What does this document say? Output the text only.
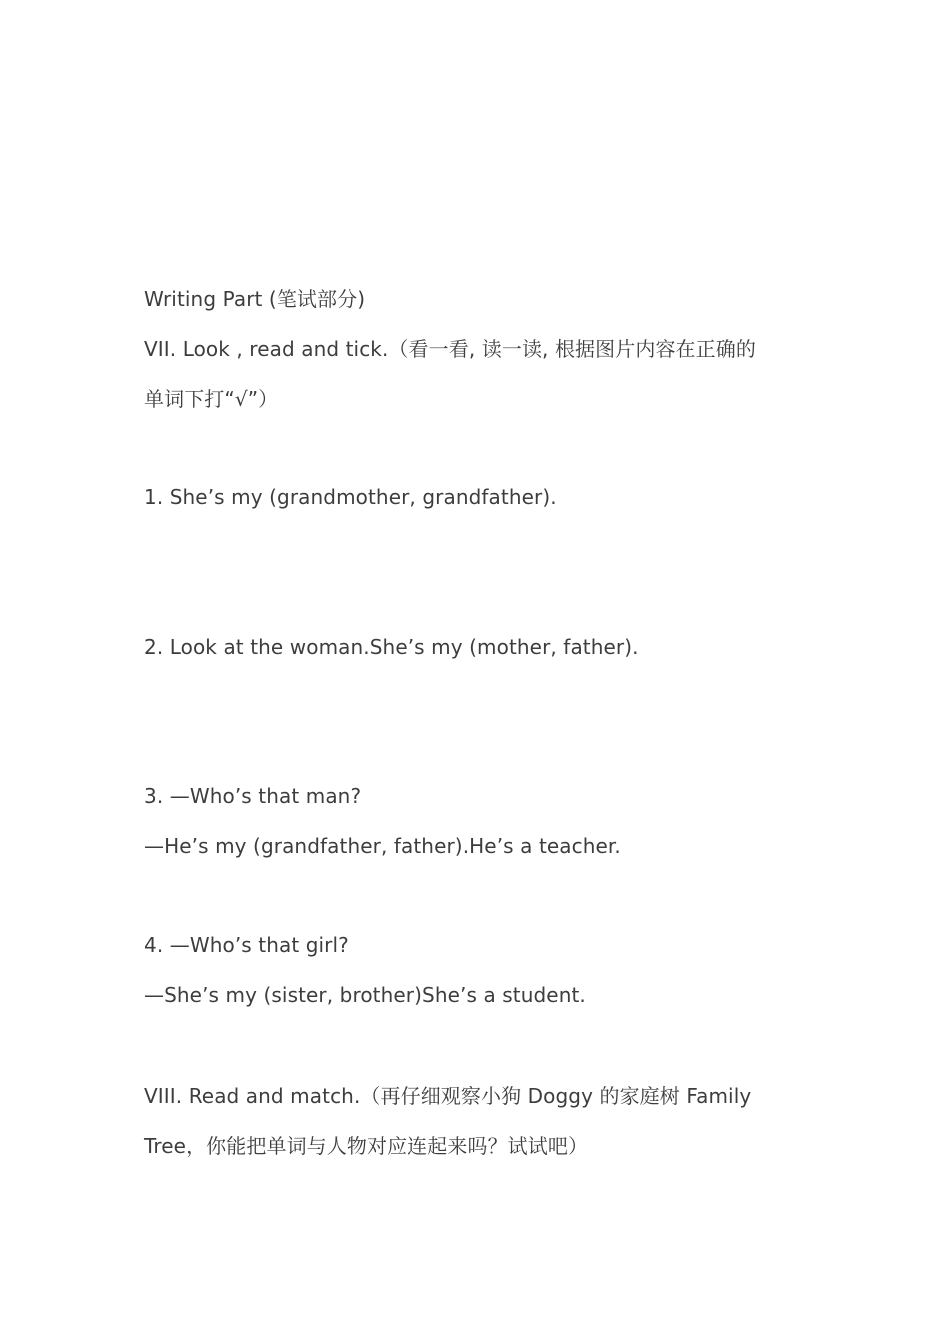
Writing Part (笔试部分)
VII. Look , read and tick.（看一看, 读一读, 根据图片内容在正确的
单词下打“√”）
1. She’s my (grandmother, grandfather).
2. Look at the woman.She’s my (mother, father).
3. —Who’s that man?
—He’s my (grandfather, father).He’s a teacher.
4. —Who’s that girl?
—She’s my (sister, brother)She’s a student.
VIII. Read and match.（再仔细观察小狗 Doggy 的家庭树 Family
Tree，你能把单词与人物对应连起来吗？试试吧）
